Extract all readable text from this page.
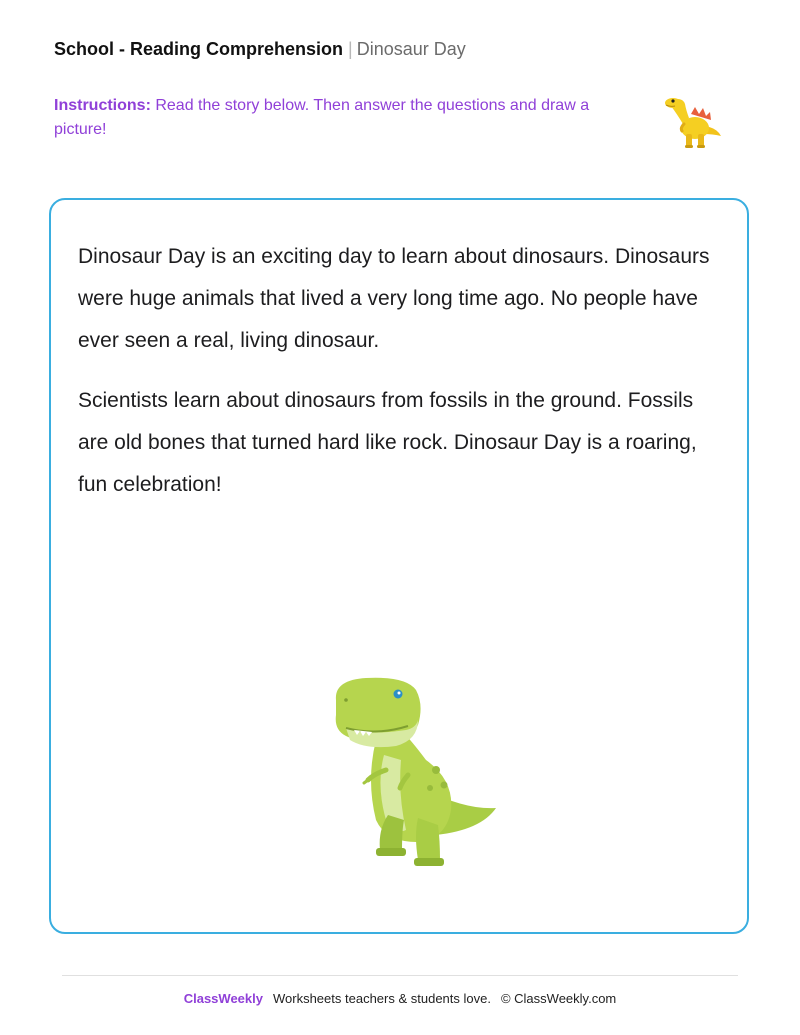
School - Reading Comprehension | Dinosaur Day
Instructions: Read the story below. Then answer the questions and draw a picture!

Dinosaur Day is an exciting day to learn about dinosaurs. Dinosaurs were huge animals that lived a very long time ago. No people have ever seen a real, living dinosaur.

Scientists learn about dinosaurs from fossils in the ground. Fossils are old bones that turned hard like rock. Dinosaur Day is a roaring, fun celebration!

ClassWeekly Worksheets teachers & students love. © ClassWeekly.com
